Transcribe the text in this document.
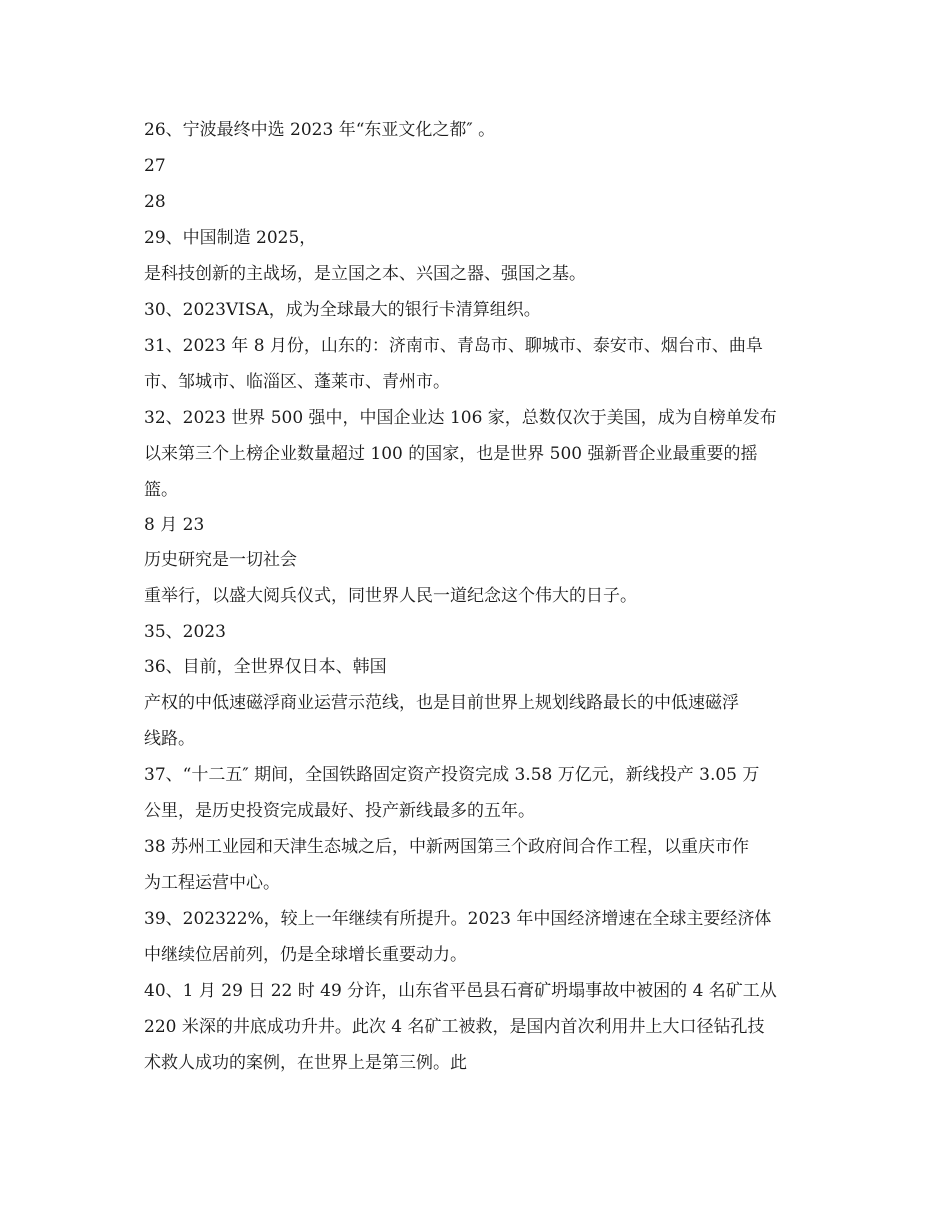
26、宁波最终中选 2023 年“东亚文化之都″ 。
27
28
29、中国制造 2025，
是科技创新的主战场，是立国之本、兴国之器、强国之基。
30、2023VISA，成为全球最大的银行卡清算组织。
31、2023 年 8 月份，山东的：济南市、青岛市、聊城市、泰安市、烟台市、曲阜
市、邹城市、临淄区、蓬莱市、青州市。
32、2023 世界 500 强中，中国企业达 106 家，总数仅次于美国，成为自榜单发布
以来第三个上榜企业数量超过 100 的国家，也是世界 500 强新晋企业最重要的摇
篮。
8 月 23
历史研究是一切社会
重举行，以盛大阅兵仪式，同世界人民一道纪念这个伟大的日子。
35、2023
36、目前，全世界仅日本、韩国
产权的中低速磁浮商业运营示范线，也是目前世界上规划线路最长的中低速磁浮
线路。
37、“十二五″ 期间，全国铁路固定资产投资完成 3.58 万亿元，新线投产 3.05 万
公里，是历史投资完成最好、投产新线最多的五年。
38 苏州工业园和天津生态城之后，中新两国第三个政府间合作工程，以重庆市作
为工程运营中心。
39、202322%，较上一年继续有所提升。2023 年中国经济增速在全球主要经济体
中继续位居前列，仍是全球增长重要动力。
40、1 月 29 日 22 时 49 分许，山东省平邑县石膏矿坍塌事故中被困的 4 名矿工从
220 米深的井底成功升井。此次 4 名矿工被救，是国内首次利用井上大口径钻孔技
术救人成功的案例，在世界上是第三例。此
